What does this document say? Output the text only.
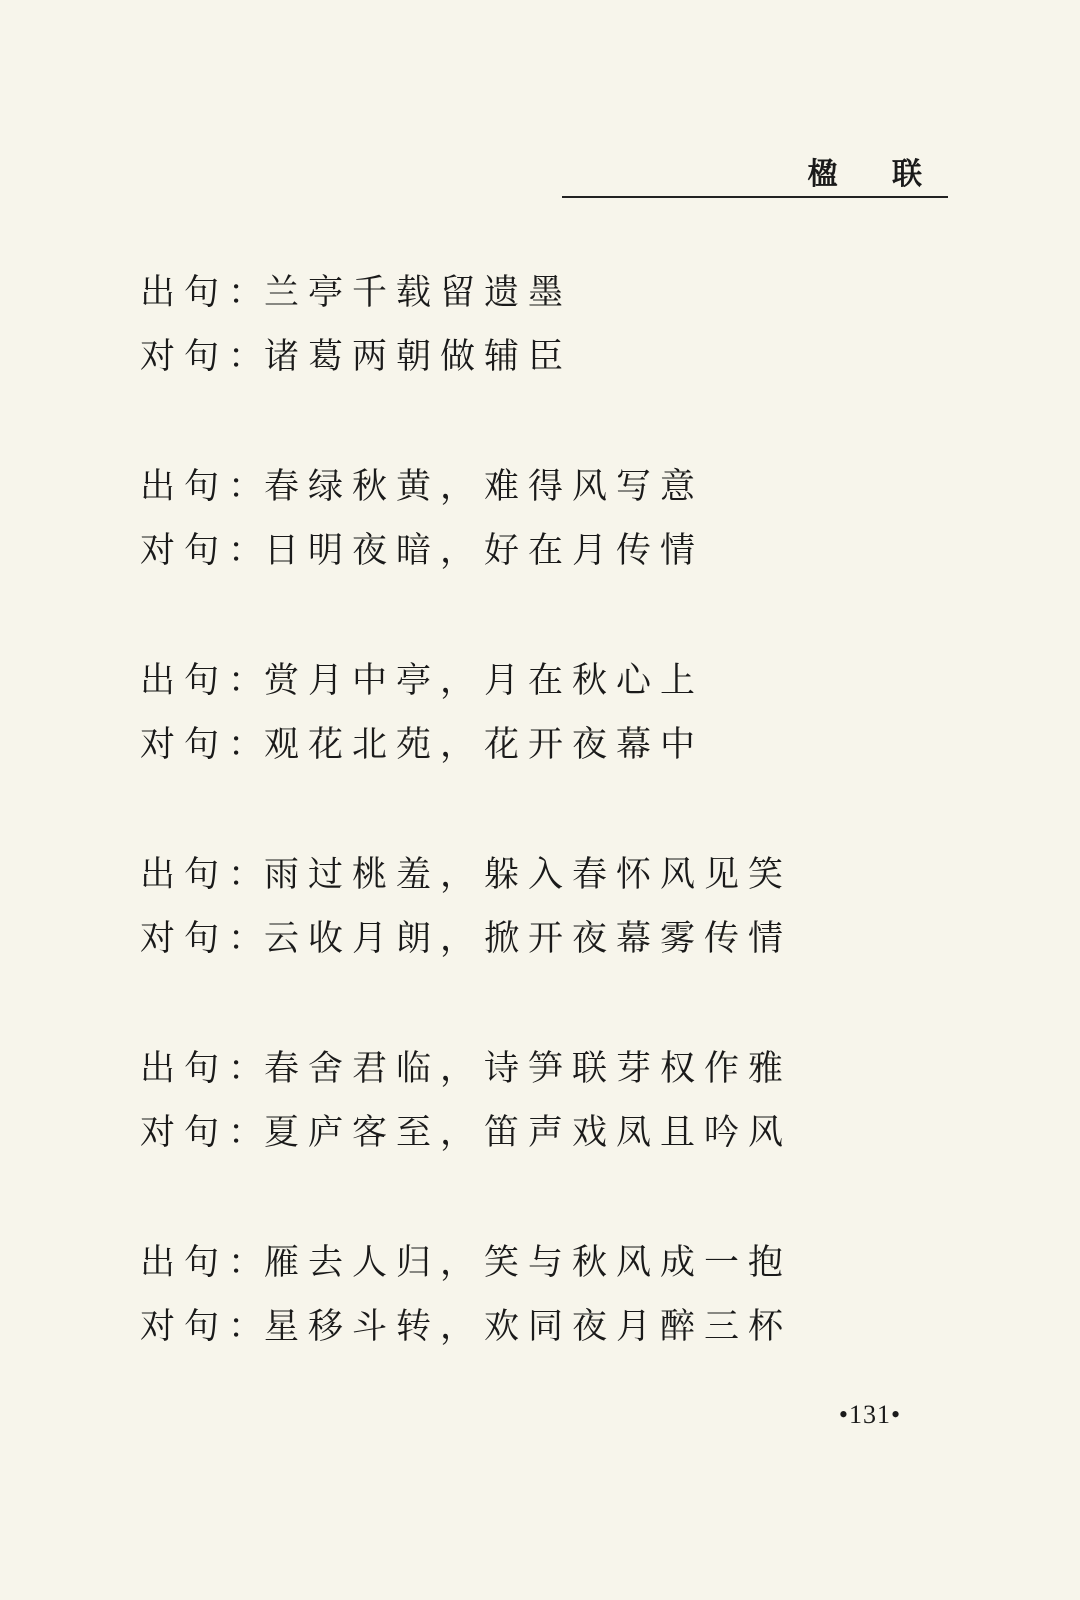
楹 联
出句：
兰亭千载留遗墨
对句：
诸葛两朝做辅臣
出句：
春绿秋黄，难得风写意
对句：
日明夜暗，好在月传情
出句：
赏月中亭，月在秋心上
对句：
观花北苑，花开夜幕中
出句：
雨过桃羞，躲入春怀风见笑
对句：
云收月朗，掀开夜幕雾传情
出句：
春舍君临，诗笋联芽权作雅
对句：
夏庐客至，笛声戏凤且吟风
出句：
雁去人归，笑与秋风成一抱
对句：
星移斗转，欢同夜月醉三杯
•131•
